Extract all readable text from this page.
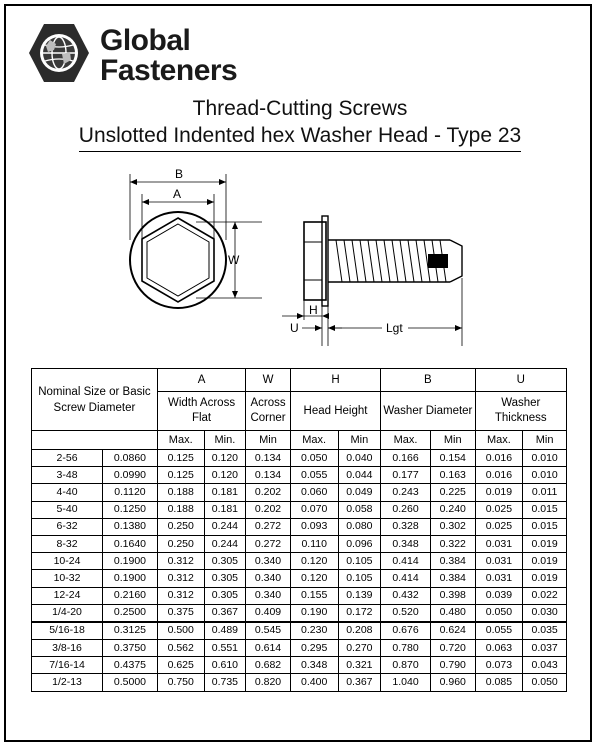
Global
Fasteners
Thread-Cutting Screws
Unslotted Indented hex Washer Head - Type 23
B
A
W
H
U	Lgt
Nominal Size or Basic Screw Diameter		A		W	H		B		U	
		Width Across Flat		Across Corner	Head Height		Washer Diameter		Washer Thickness	
		Max.	Min.	Min	Max.	Min	Max.	Min	Max.	Min
2-56	0.0860	0.125	0.120	0.134	0.050	0.040	0.166	0.154	0.016	0.010
3-48	0.0990	0.125	0.120	0.134	0.055	0.044	0.177	0.163	0.016	0.010
4-40	0.1120	0.188	0.181	0.202	0.060	0.049	0.243	0.225	0.019	0.011
5-40	0.1250	0.188	0.181	0.202	0.070	0.058	0.260	0.240	0.025	0.015
6-32	0.1380	0.250	0.244	0.272	0.093	0.080	0.328	0.302	0.025	0.015
8-32	0.1640	0.250	0.244	0.272	0.110	0.096	0.348	0.322	0.031	0.019
10-24	0.1900	0.312	0.305	0.340	0.120	0.105	0.414	0.384	0.031	0.019
10-32	0.1900	0.312	0.305	0.340	0.120	0.105	0.414	0.384	0.031	0.019
12-24	0.2160	0.312	0.305	0.340	0.155	0.139	0.432	0.398	0.039	0.022
1/4-20	0.2500	0.375	0.367	0.409	0.190	0.172	0.520	0.480	0.050	0.030
5/16-18	0.3125	0.500	0.489	0.545	0.230	0.208	0.676	0.624	0.055	0.035
3/8-16	0.3750	0.562	0.551	0.614	0.295	0.270	0.780	0.720	0.063	0.037
7/16-14	0.4375	0.625	0.610	0.682	0.348	0.321	0.870	0.790	0.073	0.043
1/2-13	0.5000	0.750	0.735	0.820	0.400	0.367	1.040	0.960	0.085	0.050
